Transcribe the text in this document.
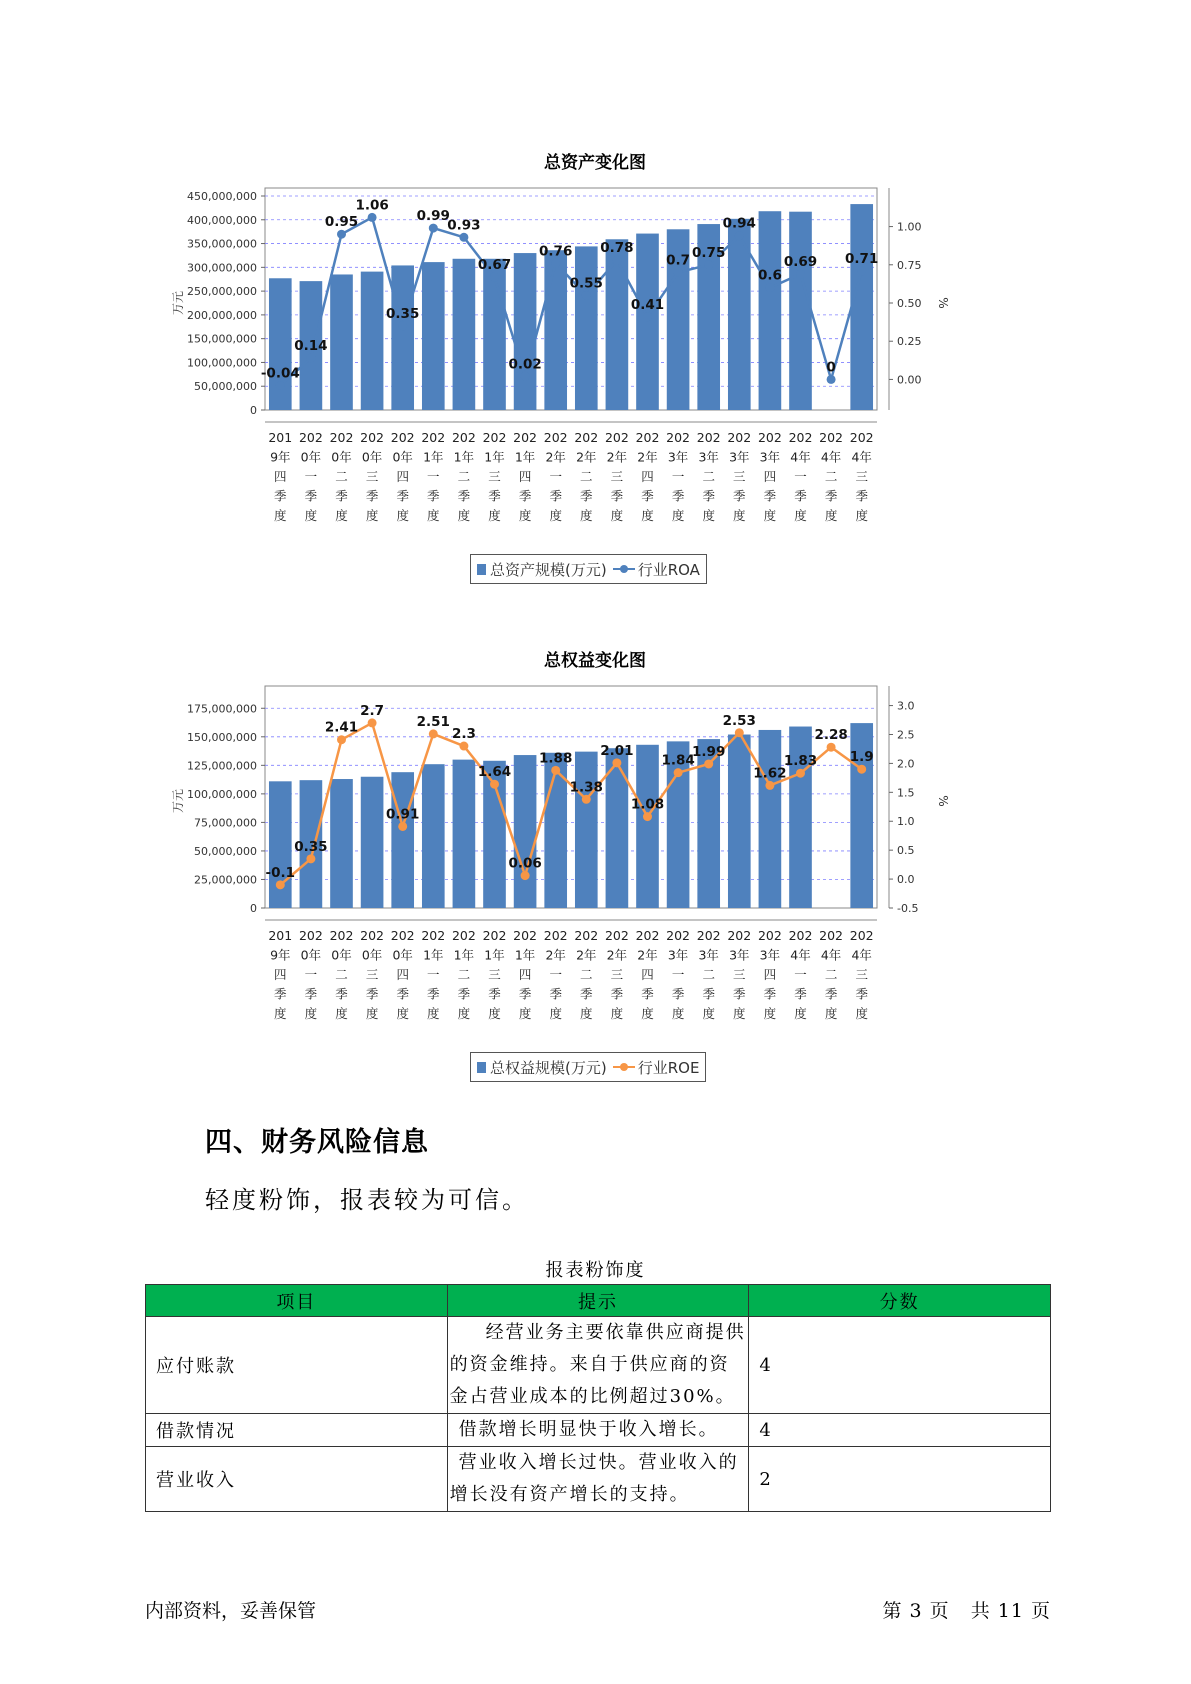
总资产变化图
0
50,000,000
100,000,000
150,000,000
200,000,000
250,000,000
300,000,000
350,000,000
400,000,000
450,000,000
0.00
0.25
0.50
0.75
1.00
万元	%
201
9年
四
季
度
202
0年
一
季
度
202
0年
二
季
度
202
0年
三
季
度
202
0年
四
季
度
202
1年
一
季
度
202
1年
二
季
度
202
1年
三
季
度
202
1年
四
季
度
202
2年
一
季
度
202
2年
二
季
度
202
2年
三
季
度
202
2年
四
季
度
202
3年
一
季
度
202
3年
二
季
度
202
3年
三
季
度
202
3年
四
季
度
202
4年
一
季
度
202
4年
二
季
度
202
4年
三
季
度
-0.04
0.14
0.95
1.06
0.35
0.99
0.93
0.67
0.02
0.76
0.55
0.78
0.41
0.7 0.75
0.94
0.6
0.69
0
0.71
总资产规模(万元) 行业ROA
总权益变化图
0
25,000,000
50,000,000
75,000,000
100,000,000
125,000,000
150,000,000
175,000,000
-0.5
0.0
0.5
1.0
1.5
2.0
2.5
3.0
万元	%
201
9年
四
季
度
202
0年
一
季
度
202
0年
二
季
度
202
0年
三
季
度
202
0年
四
季
度
202
1年
一
季
度
202
1年
二
季
度
202
1年
三
季
度
202
1年
四
季
度
202
2年
一
季
度
202
2年
二
季
度
202
2年
三
季
度
202
2年
四
季
度
202
3年
一
季
度
202
3年
二
季
度
202
3年
三
季
度
202
3年
四
季
度
202
4年
一
季
度
202
4年
二
季
度
202
4年
三
季
度
-0.1
0.35
2.41
2.7
0.91
2.51
2.3
1.64
0.06
1.88
1.38
2.01
1.08
1.84
1.99
2.53
1.62
1.83
2.28
1.9
总权益规模(万元) 行业ROE
四、财务风险信息
轻度粉饰，报表较为可信。
报表粉饰度
项目	提示	分数
应付账款	经营业务主要依靠供应商提供的资金维持。来自于供应商的资金占营业成本的比例超过30%。	4
借款情况	借款增长明显快于收入增长。	4
营业收入	营业收入增长过快。营业收入的增长没有资产增长的支持。	2
内部资料，妥善保管	第 3 页   共 11 页
